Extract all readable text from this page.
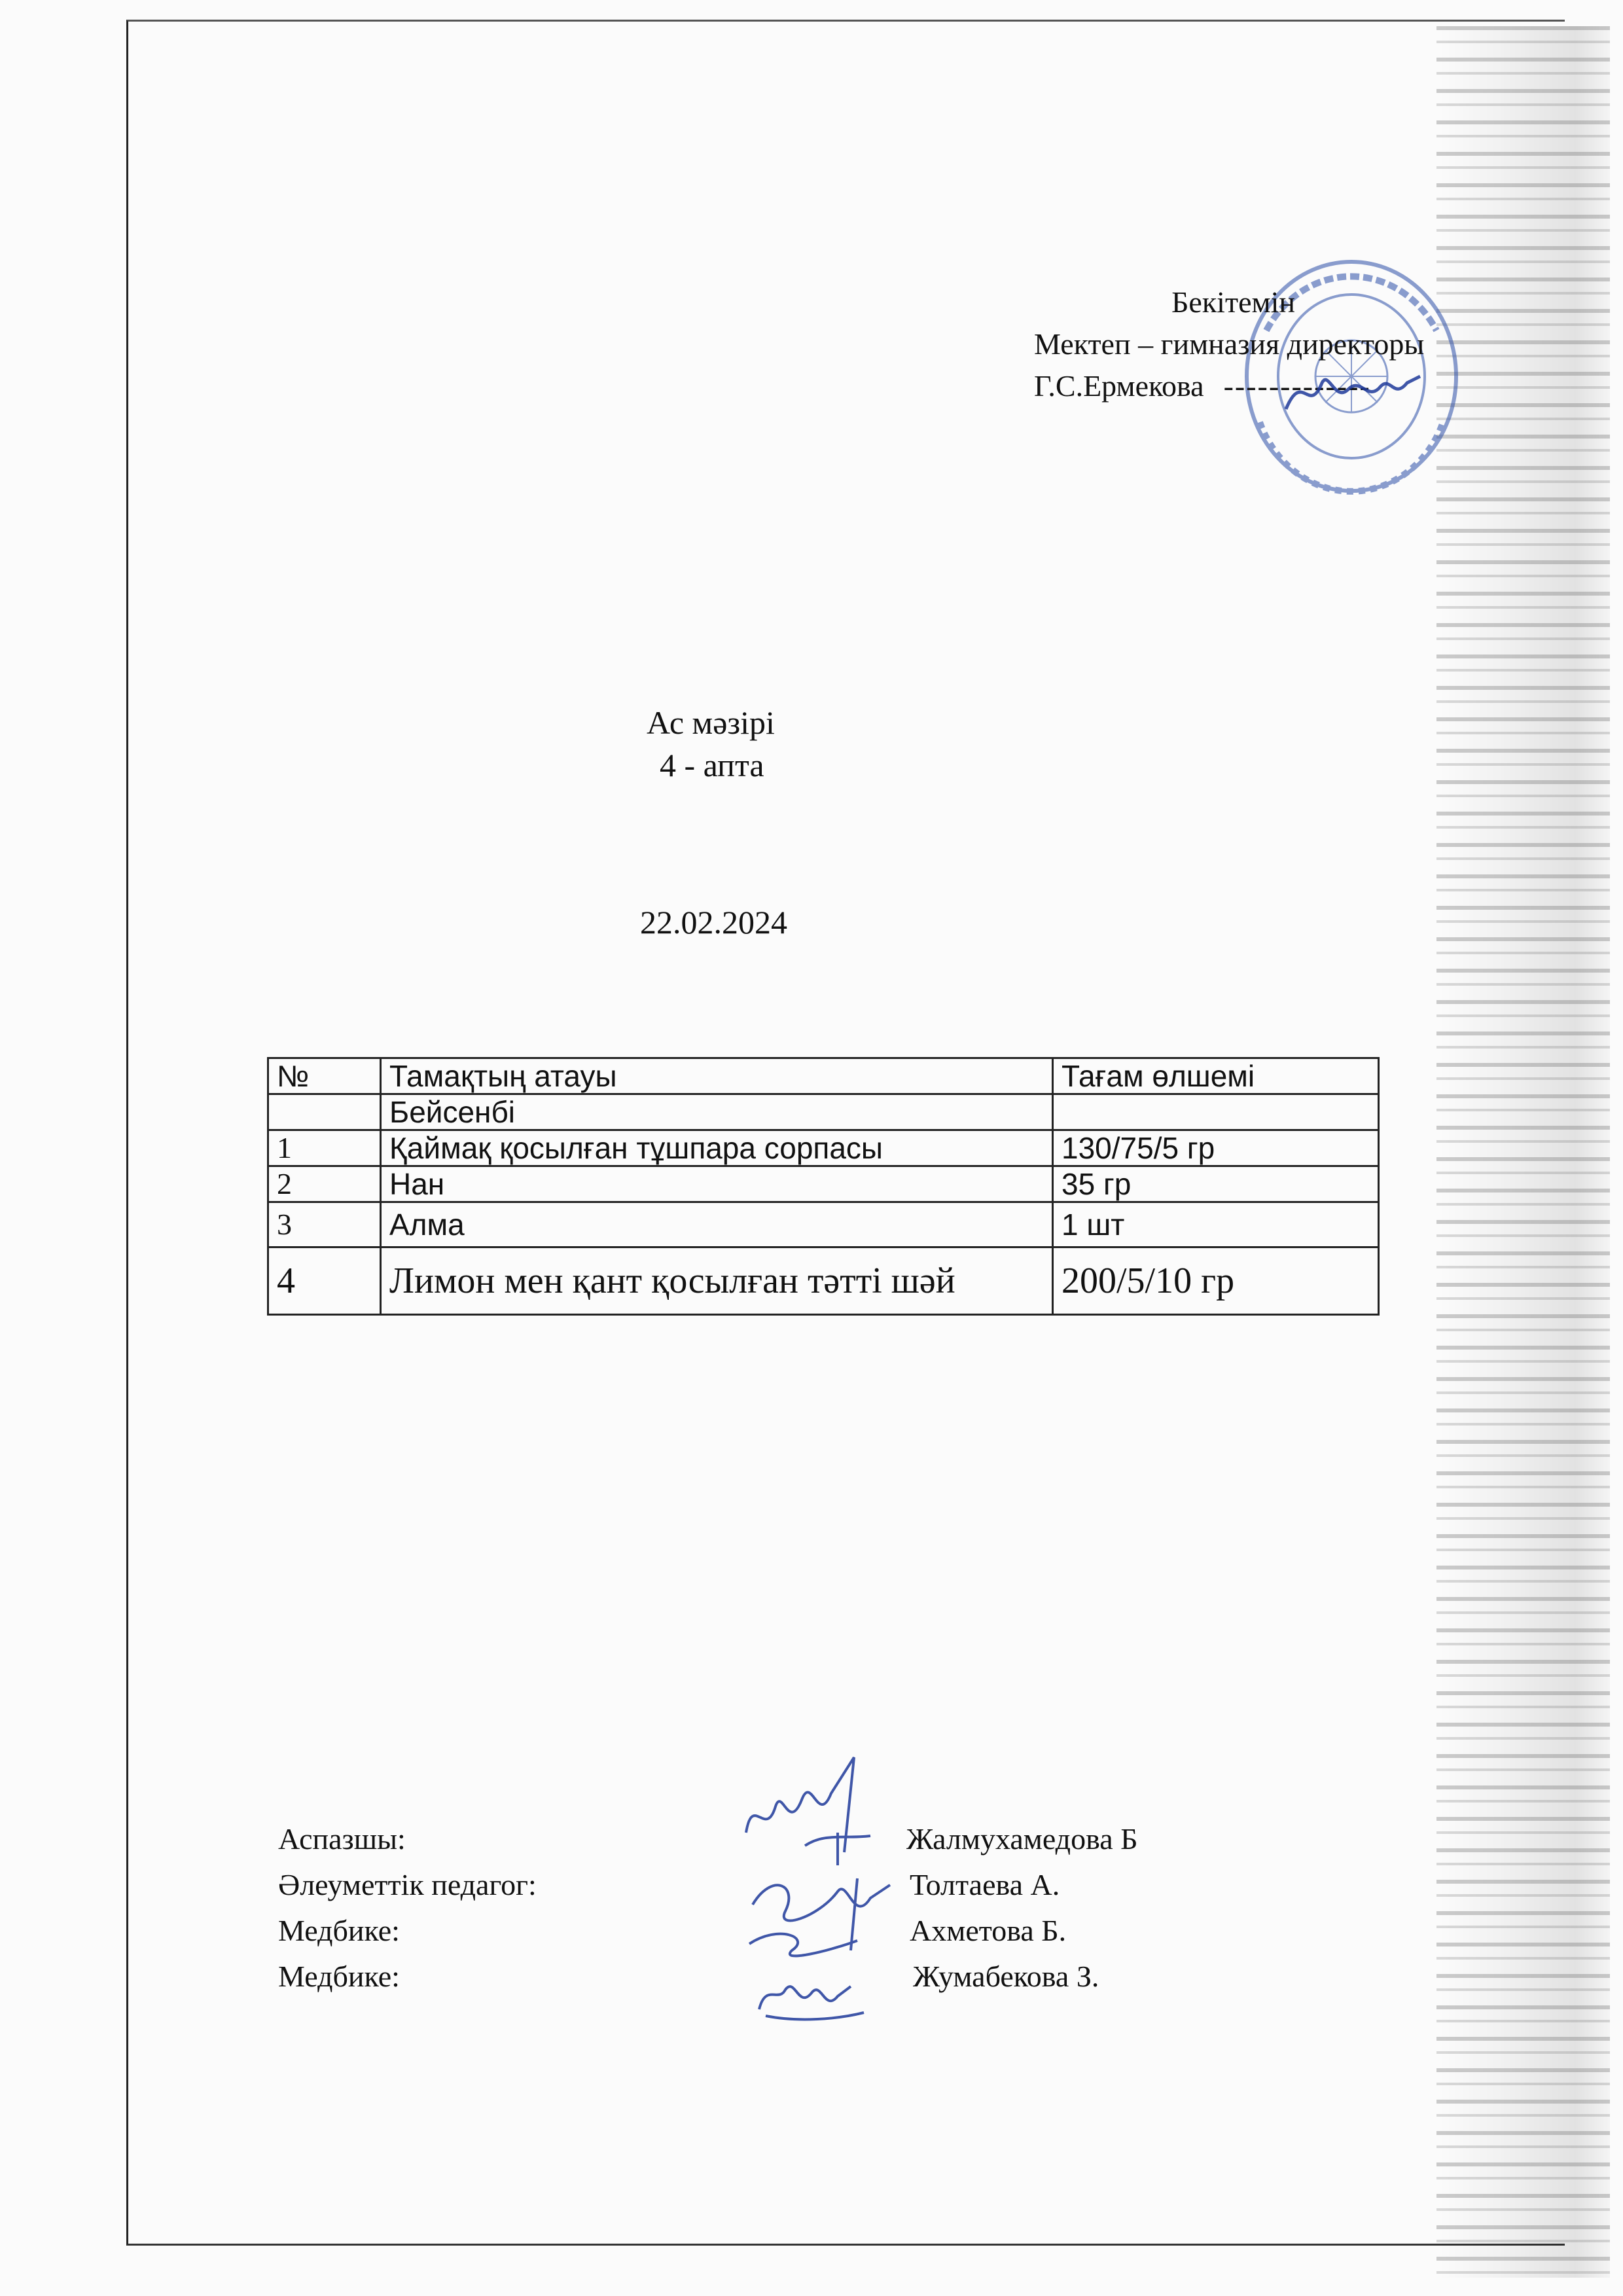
Бекітемін
Мектеп – гимназия директоры
Г.С.Ермекова -------------
Ас мәзірі
4 - апта
22.02.2024
№	Тамақтың атауы	Тағам өлшемі
	Бейсенбі	
1	Қаймақ қосылған тұшпара сорпасы	130/75/5 гр
2	Нан	35 гр
3	Алма	1 шт
4	Лимон мен қант қосылған тәтті шәй	200/5/10 гр
Аспазшы:	Жалмухамедова Б
Әлеуметтік педагог:	Толтаева А.
Медбике:	Ахметова Б.
Медбике:	Жумабекова З.
